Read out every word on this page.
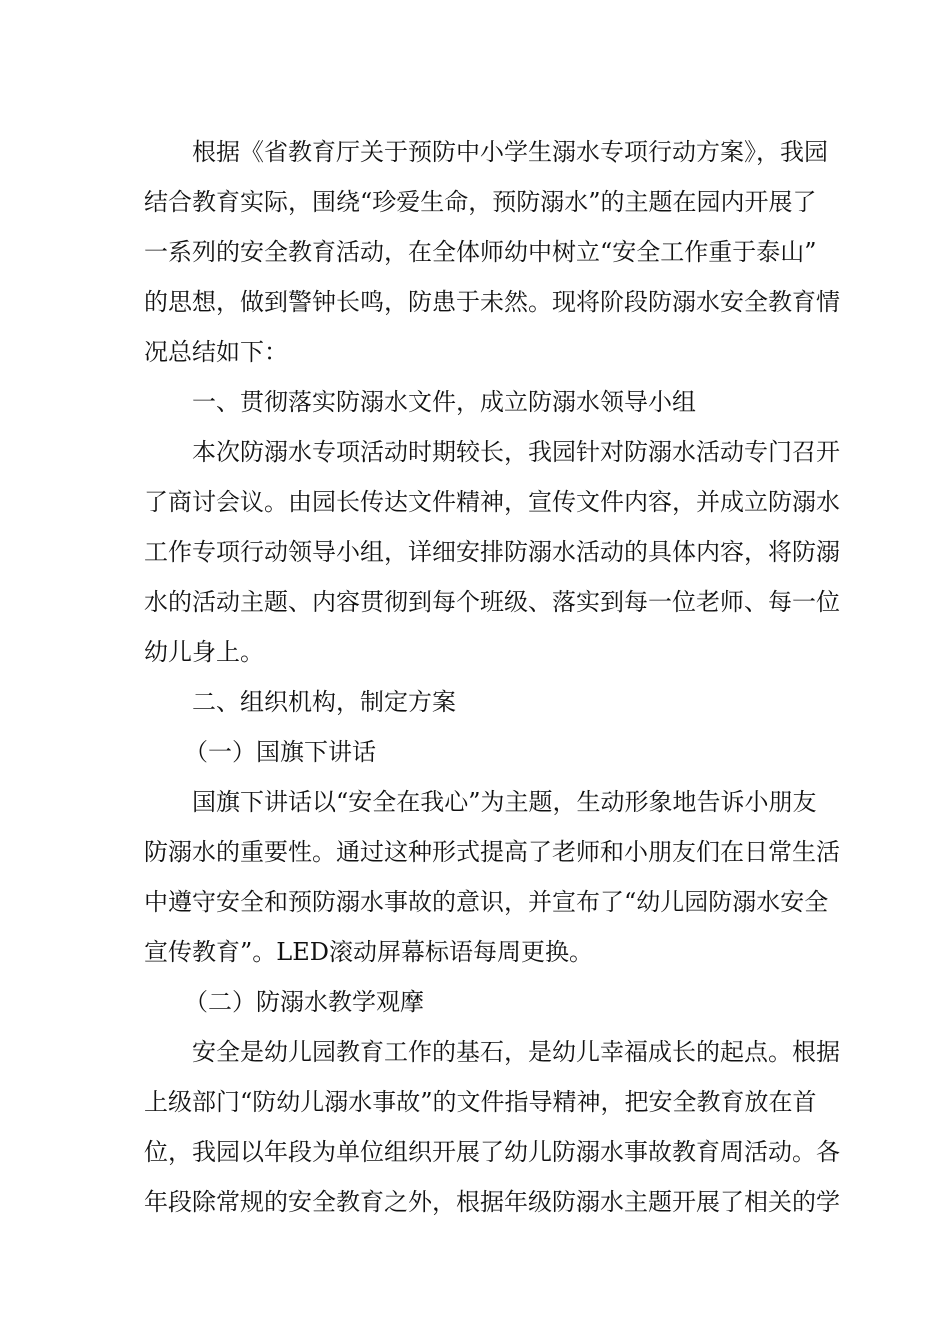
根据《省教育厅关于预防中小学生溺水专项行动方案》，我园
结合教育实际，围绕“珍爱生命，预防溺水”的主题在园内开展了
一系列的安全教育活动，在全体师幼中树立“安全工作重于泰山”
的思想，做到警钟长鸣，防患于未然。现将阶段防溺水安全教育情
况总结如下：
一、贯彻落实防溺水文件，成立防溺水领导小组
本次防溺水专项活动时期较长，我园针对防溺水活动专门召开
了商讨会议。由园长传达文件精神，宣传文件内容，并成立防溺水
工作专项行动领导小组，详细安排防溺水活动的具体内容，将防溺
水的活动主题、内容贯彻到每个班级、落实到每一位老师、每一位
幼儿身上。
二、组织机构，制定方案
（一）国旗下讲话
国旗下讲话以“安全在我心”为主题，生动形象地告诉小朋友
防溺水的重要性。通过这种形式提高了老师和小朋友们在日常生活
中遵守安全和预防溺水事故的意识，并宣布了“幼儿园防溺水安全
宣传教育”。LED滚动屏幕标语每周更换。
（二）防溺水教学观摩
安全是幼儿园教育工作的基石，是幼儿幸福成长的起点。根据
上级部门“防幼儿溺水事故”的文件指导精神，把安全教育放在首
位，我园以年段为单位组织开展了幼儿防溺水事故教育周活动。各
年段除常规的安全教育之外，根据年级防溺水主题开展了相关的学
